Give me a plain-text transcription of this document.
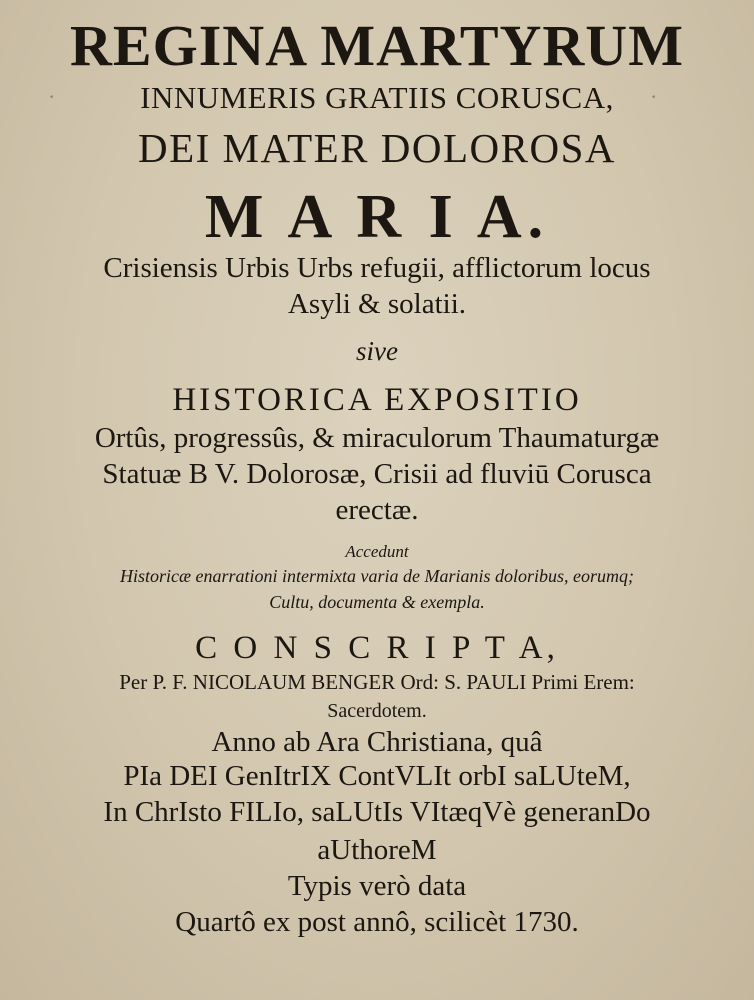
·	·
REGINA MARTYRUM
INNUMERIS GRATIIS CORUSCA,
DEI MATER DOLOROSA
M A R I A.
Crisiensis Urbis Urbs refugii, afflictorum locus
Asyli & solatii.
sive
HISTORICA EXPOSITIO
Ortûs, progressûs, & miraculorum Thaumaturgæ
Statuæ B V. Dolorosæ, Crisii ad fluviū Corusca
erectæ.
Accedunt
Historicæ enarrationi intermixta varia de Marianis doloribus, eorumq;
Cultu, documenta & exempla.
C O N S C R I P T A,
Per P. F. NICOLAUM BENGER Ord: S. PAULI Primi Erem:
Sacerdotem.
Anno ab Ara Christiana, quâ
PIa DEI GenItrIX ContVLIt orbI saLUteM,
In ChrIsto FILIo, saLUtIs VItæqVè generanDo
aUthoreM
Typis verò data
Quartô ex post annô, scilicèt 1730.
